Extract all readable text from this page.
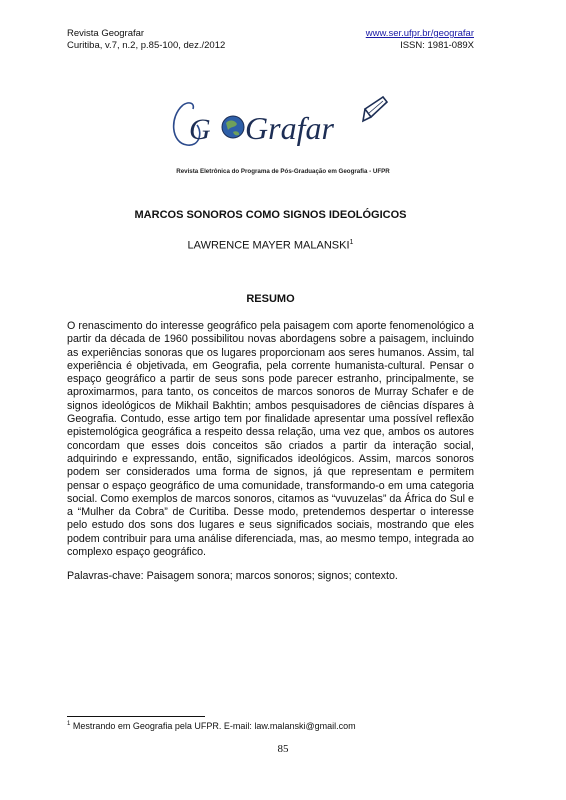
Revista Geografar	www.ser.ufpr.br/geografar
Curitiba, v.7, n.2, p.85-100, dez./2012	ISSN: 1981-089X
G Grafar
Revista Eletrônica do Programa de Pós-Graduação em Geografia - UFPR
MARCOS SONOROS COMO SIGNOS IDEOLÓGICOS
LAWRENCE MAYER MALANSKI$^1$
RESUMO

O renascimento do interesse geográfico pela paisagem com aporte fenomenológico a partir da década de 1960 possibilitou novas abordagens sobre a paisagem, incluindo as experiências sonoras que os lugares proporcionam aos seres humanos. Assim, tal experiência é objetivada, em Geografia, pela corrente humanista-cultural. Pensar o espaço geográfico a partir de seus sons pode parecer estranho, principalmente, se aproximarmos, para tanto, os conceitos de marcos sonoros de Murray Schafer e de signos ideológicos de Mikhail Bakhtin; ambos pesquisadores de ciências díspares à Geografia. Contudo, esse artigo tem por finalidade apresentar uma possível reflexão epistemológica geográfica a respeito dessa relação, uma vez que, ambos os autores concordam que esses dois conceitos são criados a partir da interação social, adquirindo e expressando, então, significados ideológicos. Assim, marcos sonoros podem ser considerados uma forma de signos, já que representam e permitem pensar o espaço geográfico de uma comunidade, transformando-o em uma categoria social. Como exemplos de marcos sonoros, citamos as “vuvuzelas” da África do Sul e a “Mulher da Cobra” de Curitiba. Desse modo, pretendemos despertar o interesse pelo estudo dos sons dos lugares e seus significados sociais, mostrando que eles podem contribuir para uma análise diferenciada, mas, ao mesmo tempo, integrada ao complexo espaço geográfico.

Palavras-chave: Paisagem sonora; marcos sonoros; signos; contexto.
$^1$ Mestrando em Geografia pela UFPR. E-mail: law.malanski@gmail.com
85
